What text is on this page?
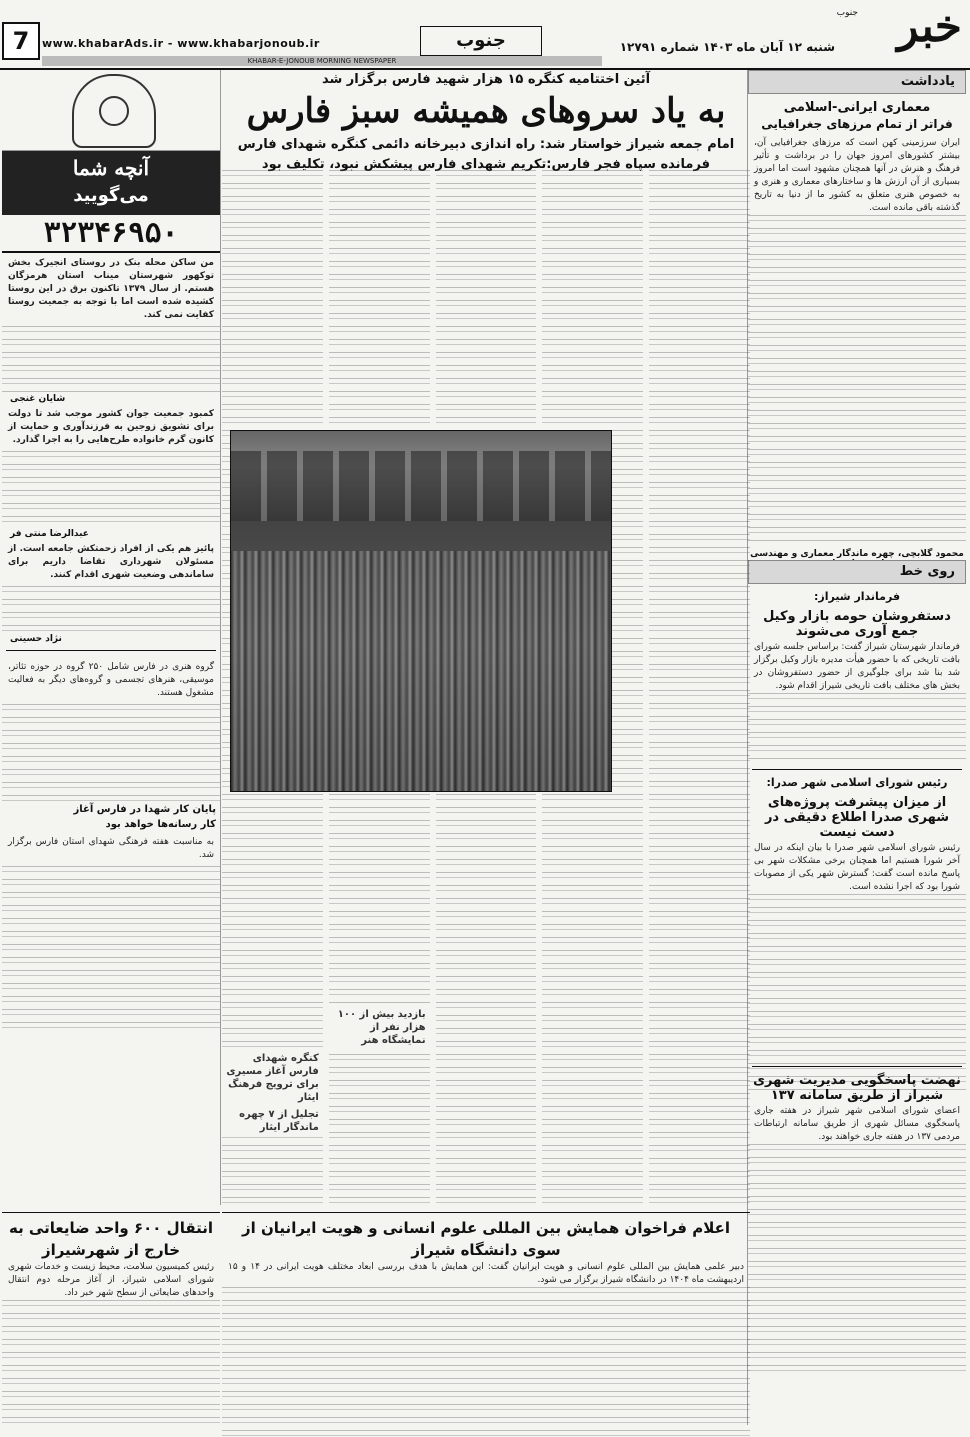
خبر
جنوب
شنبه ۱۲ آبان ماه ۱۴۰۳ شماره ۱۲۷۹۱
جنوب
www.khabarAds.ir - www.khabarjonoub.ir
7
KHABAR-E-JONOUB MORNING NEWSPAPER
یادداشت
معماری ایرانی-اسلامی
فراتر از تمام مرزهای جغرافیایی
ایران سرزمینی کهن است که مرزهای جغرافیایی آن، بیشتر کشورهای امروز جهان را در برداشت و تأثیر فرهنگ و هنرش در آنها همچنان مشهود است اما امروز بسیاری از آن ارزش ها و ساختارهای معماری و هنری و به خصوص هنری متعلق به کشور ما از دنیا به تاریخ گذشته باقی مانده است.
محمود گلابچی، چهره ماندگار معماری و مهندسی
روی خط
فرماندار شیراز:
دستفروشان حومه بازار وکیل جمع آوری می‌شوند
فرماندار شهرستان شیراز گفت: براساس جلسه شورای بافت تاریخی که با حضور هیأت مدیره بازار وکیل برگزار شد بنا شد برای جلوگیری از حضور دستفروشان در بخش های مختلف بافت تاریخی شیراز اقدام شود.
رئیس شورای اسلامی شهر صدرا:
از میزان پیشرفت پروژه‌های شهری صدرا اطلاع دقیقی در دست نیست
رئیس شورای اسلامی شهر صدرا با بیان اینکه در سال آخر شورا هستیم اما همچنان برخی مشکلات شهر بی پاسخ مانده است گفت: گسترش شهر یکی از مصوبات شورا بود که اجرا نشده است.
نهضت پاسخگویی مدیریت شهری شیراز از طریق سامانه ۱۳۷
اعضای شورای اسلامی شهر شیراز در هفته جاری پاسخگوی مسائل شهری از طریق سامانه ارتباطات مردمی ۱۳۷ در هفته جاری خواهند بود.
آنچه شما
می‌گویید
۳۲۳۴۶۹۵۰
من ساکن محله بنک در روستای انجیرک بخش توکهور شهرستان میناب استان هرمزگان هستم. از سال ۱۳۷۹ تاکنون برق در این روستا کشیده شده است اما با توجه به جمعیت روستا کفایت نمی کند.
شایان غنجی
کمبود جمعیت جوان کشور موجب شد تا دولت برای تشویق زوجین به فرزندآوری و حمایت از کانون گرم خانواده طرح‌هایی را به اجرا گذارد.
عبدالرضا منتی فر
پائیز هم یکی از افراد زحمتکش جامعه است. از مسئولان شهرداری تقاضا داریم برای ساماندهی وضعیت شهری اقدام کنند.
نژاد حسینی
گروه هنری در فارس شامل ۲۵۰ گروه در حوزه تئاتر، موسیقی، هنرهای تجسمی و گروه‌های دیگر به فعالیت مشغول هستند.
پایان کار شهدا در فارس آغاز
کار رسانه‌ها خواهد بود
به مناسبت هفته فرهنگی شهدای استان فارس برگزار شد.
آئین اختتامیه کنگره ۱۵ هزار شهید فارس برگزار شد
به یاد سروهای همیشه سبز فارس
امام جمعه شیراز خواستار شد: راه اندازی دبیرخانه دائمی کنگره شهدای فارس
فرمانده سپاه فجر فارس:تکریم شهدای فارس پیشکش نبود، تکلیف بود
بازدید بیش از ۱۰۰ هزار نفر از نمایشگاه هنر
کنگره شهدای فارس آغاز مسیری برای ترویج فرهنگ ایثار
تجلیل از ۷ چهره ماندگار ایثار
اعلام فراخوان همایش بین المللی علوم انسانی و هویت ایرانیان از سوی دانشگاه شیراز
دبیر علمی همایش بین المللی علوم انسانی و هویت ایرانیان گفت: این همایش با هدف بررسی ابعاد مختلف هویت ایرانی در ۱۴ و ۱۵ اردیبهشت ماه ۱۴۰۴ در دانشگاه شیراز برگزار می شود.
انتقال ۶۰۰ واحد ضایعاتی به خارج از شهرشیراز
رئیس کمیسیون سلامت، محیط زیست و خدمات شهری شورای اسلامی شیراز، از آغاز مرحله دوم انتقال واحدهای ضایعاتی از سطح شهر خبر داد.
